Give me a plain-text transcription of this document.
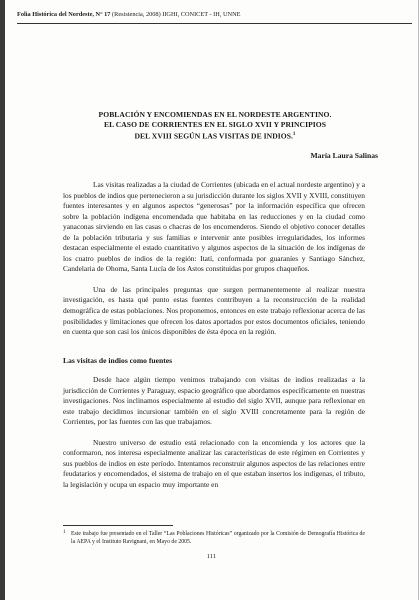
Folia Histórica del Nordeste, N° 17 (Resistencia, 2008) IIGHI, CONICET - IH, UNNE
POBLACIÓN Y ENCOMIENDAS EN EL NORDESTE ARGENTINO.
EL CASO DE CORRIENTES EN EL SIGLO XVII Y PRINCIPIOS
DEL XVIII SEGÚN LAS VISITAS DE INDIOS.$^1$
María Laura Salinas

Las visitas realizadas a la ciudad de Corrientes (ubicada en el actual nordeste argentino) y a los pueblos de indios que pertenecieron a su jurisdicción durante los siglos XVII y XVIII, constituyen fuentes interesantes y en algunos aspectos “generosas” por la información específica que ofrecen sobre la población indígena encomendada que habitaba en las reducciones y en la ciudad como yanaconas sirviendo en las casas o chacras de los encomenderos. Siendo el objetivo conocer detalles de la población tributaria y sus familias e intervenir ante posibles irregularidades, los informes destacan especialmente el estado cuantitativo y algunos aspectos de la situación de los indígenas de los cuatro pueblos de indios de la región: Itatí, conformada por guaraníes y Santiago Sánchez, Candelaria de Ohoma, Santa Lucía de los Astos constituidas por grupos chaqueños.

Una de las principales preguntas que surgen permanentemente al realizar nuestra investigación, es hasta qué punto estas fuentes contribuyen a la reconstrucción de la realidad demográfica de estas poblaciones. Nos proponemos, entonces en este trabajo reflexionar acerca de las posibilidades y limitaciones que ofrecen los datos aportados por estos documentos oficiales, teniendo en cuenta que son casi los únicos disponibles de ésta época en la región.

Las visitas de indios como fuentes

Desde hace algún tiempo venimos trabajando con visitas de indios realizadas a la jurisdicción de Corrientes y Paraguay, espacio geográfico que abordamos específicamente en nuestras investigaciones. Nos inclinamos especialmente al estudio del siglo XVII, aunque para reflexionar en este trabajo decidimos incursionar también en el siglo XVIII concretamente para la región de Corrientes, por las fuentes con las que trabajamos.

Nuestro universo de estudio está relacionado con la encomienda y los actores que la conformaron, nos interesa especialmente analizar las características de este régimen en Corrientes y sus pueblos de indios en este período. Intentamos reconstruir algunos aspectos de las relaciones entre feudatarios y encomendados, el sistema de trabajo en el que estaban insertos los indígenas, el tributo, la legislación y ocupa un espacio muy importante en

1 Este trabajo fue presentado en el Taller “Las Poblaciones Históricas” organizado por la Comisión de Demografía Histórica de la AEPA y el Instituto Ravignani, en Mayo de 2005.
111
